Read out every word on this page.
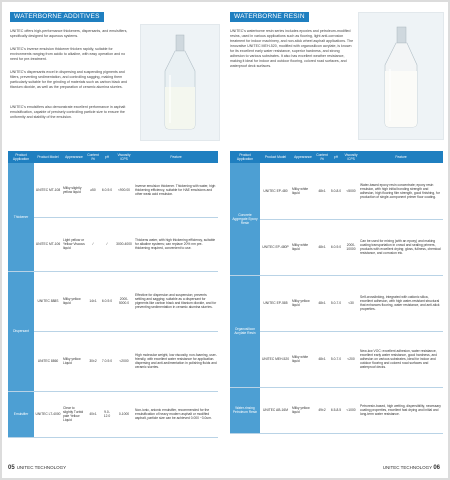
WATERBORNE ADDITIVES

UNITEC offers high-performance thickeners, dispersants, and emulsifiers, specifically designed for aqueous systems.

UNITEC's inverse emulsion thickener thicken rapidly, suitable for environments ranging from acidic to alkaline, with easy operation and no need for pre-treatment.

UNITEC's dispersants excel in dispersing and suspending pigments and fillers, preventing sedimentation, and controlling sagging, making them particularly suitable for the grinding of materials such as carbon black and titanium dioxide, as well as the preparation of ceramic alumina slurries.

UNITEC's emulsifiers also demonstrate excellent performance in asphalt emulsification, capable of precisely controlling particle size to ensure the uniformity and stability of the emulsion.

Product Application	Product Model	Appearance	Content /%	pH	Viscosity /CPS	Feature
Thickener	UNITEC MT-108	Milky slightly yellow liquid	≥50	6.0-9.0	<900.00	Inverse emulsion thickener. Thickening with water, high thickening efficiency, suitable for HAE emulsions and other weak acid emulsion.
	UNITEC MT-106	Light yellow or Yellow Viscous liquid	/	/	3000-4000	Thickens water, with high thickening efficiency, suitable for alkaline systems; can replace 20% nm pre-thickening required, convenient to use.
Dispersant	UNITEC 888S	Milky yellow liquid	14±1	6.0-9.0	2000-5000.0	Effective for dispersion and suspension; prevents settling and sagging; suitable as a dispersant for pigments like carbon black and titanium dioxide, and for preventing sedimentation in ceramic alumina slurries.
	UNITEC 8860	Milky yellow Liquid	30±2	7.0-9.0	<2000	High molecular weight, low viscosity, non-foaming, user-friendly, with excellent water resistance for application. dispersing and anti-sedimentation in polishing fluids and ceramic slurries.
Emulsifier	UNITEC LT-4000	Clear to slightly Turbid pale Yellow Liquid	40±1	9.0-12.0	0-1000	Non-ionic, anionic emulsifier, recommended for the emulsification of heavy modern asphalt or modified asphalt, particle size can be achieved 0.000 ~3.0um.
05 UNITEC TECHNOLOGY
WATERBORNE RESIN

UNITEC's waterborne resin series includes epoxies and petroleum-modified resins, used in various applications such as flooring, light anti-corrosion treatment for indoor machinery, and non-stick wheel asphalt applications. The innovative UNITEC MEH-520, modified with organosilicon acrylate, is known for its excellent early water resistance, superior hardness, and strong adhesion to various substrates. It also has excellent weather resistance, making it ideal for indoor and outdoor flooring, colored road surfaces, and waterproof deck surfaces.

Product Application	Product Model	Appearance	Content /%	pH	Viscosity /CPS	Feature
Concrete Aggregate Epoxy Resin	UNITEC EP-480	Milky white liquid	48±1	5.0-8.0	<5000	Water-based epoxy resin concentrate; epoxy resin emulsion, with high initial bonding strength and adhesion, high flooring film strength, good finishing, for production of single-component primer floor coating.
	UNITEC EP-480P	Milky white liquid	48±1	6.0-9.0	2000-10000	Can be used for mixing (with an epoxy) and making coating transportation in crowd and sealing primers, products with excellent drying; gloss, fullness, chemical resistance, and corrosion etc.
Organosilicon Acrylate Resin	UNITEC EP-585	Milky yellow liquid	48±1	5.0-7.0	<30	Self-crosslinking, integrated with cationic silica, excellent adhesion, with high water-resistant structural that enhances flooring, water resistance, and anti-stick properties.
	UNITEC MEH-520	Milky white liquid	48±1	5.0-7.0	<200	New-low VOC: excellent adhesion, water resistance, excellent early water resistance, good hardness, and adhesion on various substrates, ideal for indoor and outdoor flooring and colored road surfaces and waterproof decks.
Water-rinsing Petroleum Resin	UNITEC AB-16M	Milky yellow liquid	49±2	6.5-8.5	<1000	Petroresin-based, high wetting, dispersibility, necessary coating properties, excellent fast drying and initial and long-term water resistance.
UNITEC TECHNOLOGY 06
